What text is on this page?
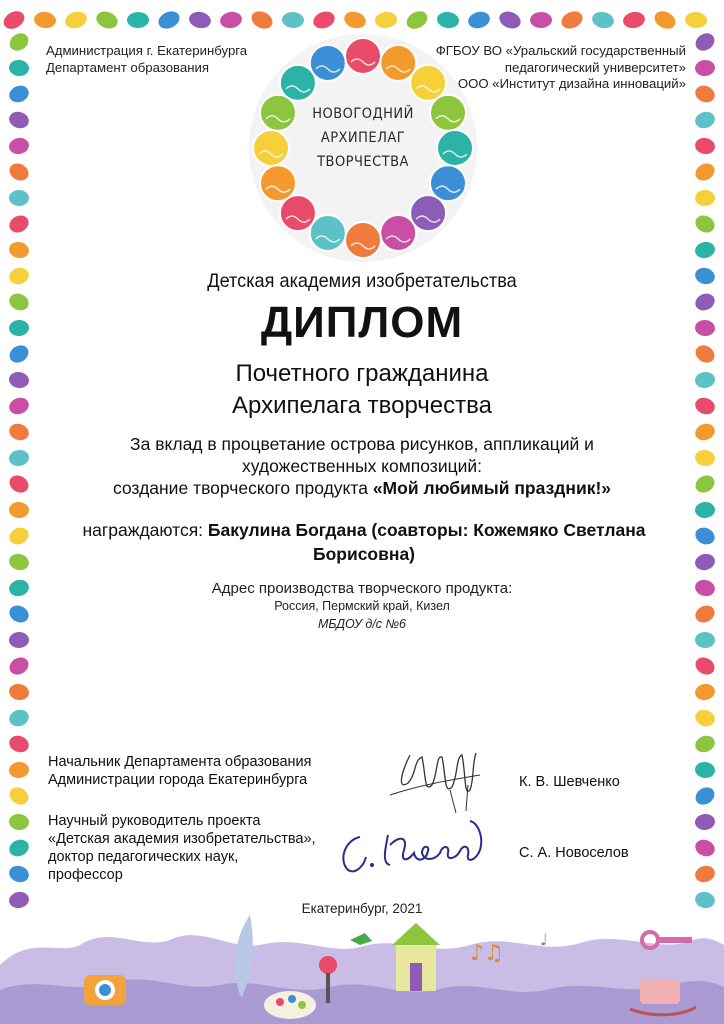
Администрация г. Екатеринбурга
Департамент образования
ФГБОУ ВО «Уральский государственный
педагогический университет»
ООО «Институт дизайна инноваций»
НОВОГОДНИЙ
АРХИПЕЛАГ
ТВОРЧЕСТВА
Детская академия изобретательства
ДИПЛОМ
Почетного гражданина
Архипелага творчества
За вклад в процветание острова рисунков, аппликаций и
художественных композиций:
создание творческого продукта «Мой любимый праздник!»
награждаются: Бакулина Богдана (соавторы: Кожемяко Светлана Борисовна)
Адрес производства творческого продукта:
Россия, Пермский край, Кизел
МБДОУ д/с №6
Начальник Департамента образования
Администрации города Екатеринбурга	К. В. Шевченко
Научный руководитель проекта
«Детская академия изобретательства»,
доктор педагогических наук,
профессор
С. А. Новоселов
Екатеринбург, 2021
♪♫
♩
